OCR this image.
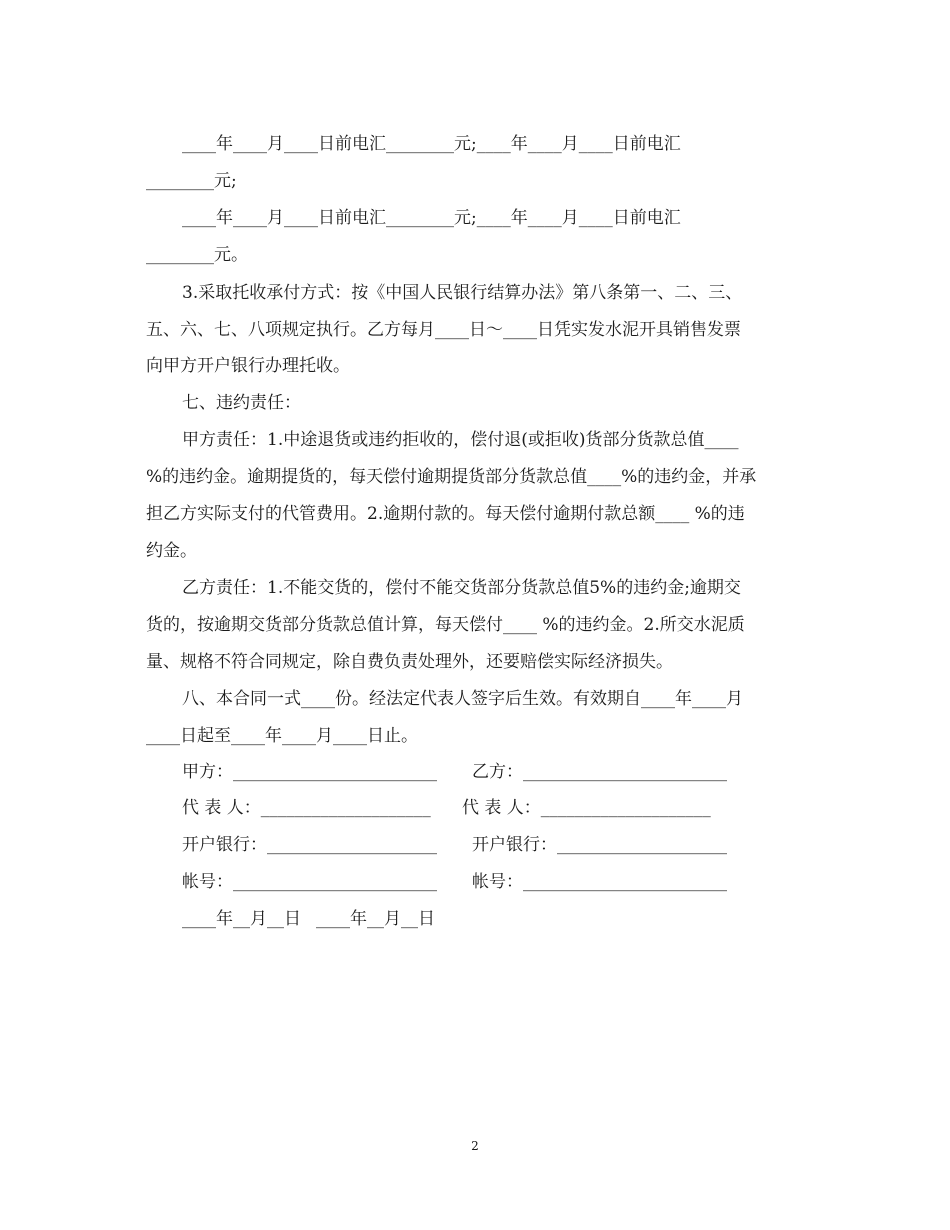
____年____月____日前电汇________元;____年____月____日前电汇
________元;
____年____月____日前电汇________元;____年____月____日前电汇
________元。
3.采取托收承付方式：按《中国人民银行结算办法》第八条第一、二、三、
五、六、七、八项规定执行。乙方每月____日～____日凭实发水泥开具销售发票
向甲方开户银行办理托收。
七、违约责任：
甲方责任：1.中途退货或违约拒收的，偿付退(或拒收)货部分货款总值____
%的违约金。逾期提货的，每天偿付逾期提货部分货款总值____%的违约金，并承
担乙方实际支付的代管费用。2.逾期付款的。每天偿付逾期付款总额____ %的违
约金。
乙方责任：1.不能交货的，偿付不能交货部分货款总值5%的违约金;逾期交
货的，按逾期交货部分货款总值计算，每天偿付____ %的违约金。2.所交水泥质
量、规格不符合同规定，除自费负责处理外，还要赔偿实际经济损失。
八、本合同一式____份。经法定代表人签字后生效。有效期自____年____月
____日起至____年____月____日止。
甲方：________________________ 乙方：________________________
代 表 人：____________________ 代 表 人：____________________
开户银行：____________________ 开户银行：____________________
帐号：________________________ 帐号：________________________
____年__月__日 ____年__月__日
2
